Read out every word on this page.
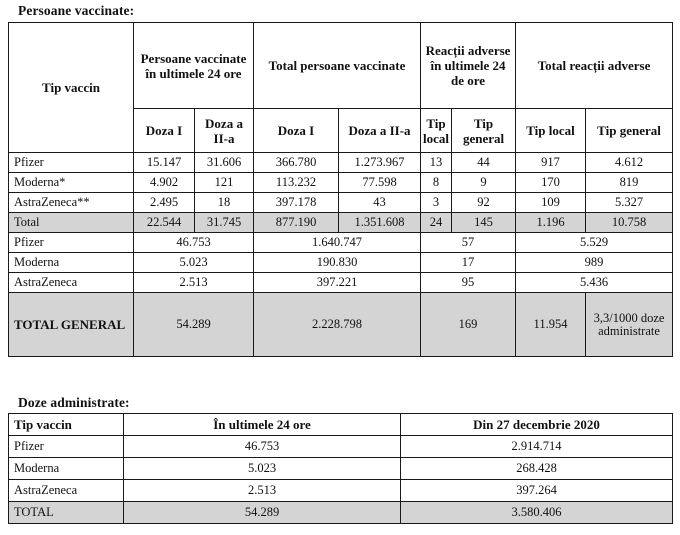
Persoane vaccinate:
Tip vaccin	Persoane vaccinate în ultimele 24 ore		Total persoane vaccinate		Reacții adverse în ultimele 24 de ore		Total reacții adverse	
	Doza I	Doza a II-a	Doza I	Doza a II-a	Tip local	Tip general	Tip local	Tip general
Pfizer	15.147	31.606	366.780	1.273.967	13	44	917	4.612
Moderna*	4.902	121	113.232	77.598	8	9	170	819
AstraZeneca**	2.495	18	397.178	43	3	92	109	5.327
Total	22.544	31.745	877.190	1.351.608	24	145	1.196	10.758
Pfizer	46.753		1.640.747		57		5.529	
Moderna	5.023		190.830		17		989	
AstraZeneca	2.513		397.221		95		5.436	
TOTAL GENERAL	54.289		2.228.798		169		11.954	3,3/1000 doze administrate
Doze administrate:
Tip vaccin	În ultimele 24 ore	Din 27 decembrie 2020
Pfizer	46.753	2.914.714
Moderna	5.023	268.428
AstraZeneca	2.513	397.264
TOTAL	54.289	3.580.406
